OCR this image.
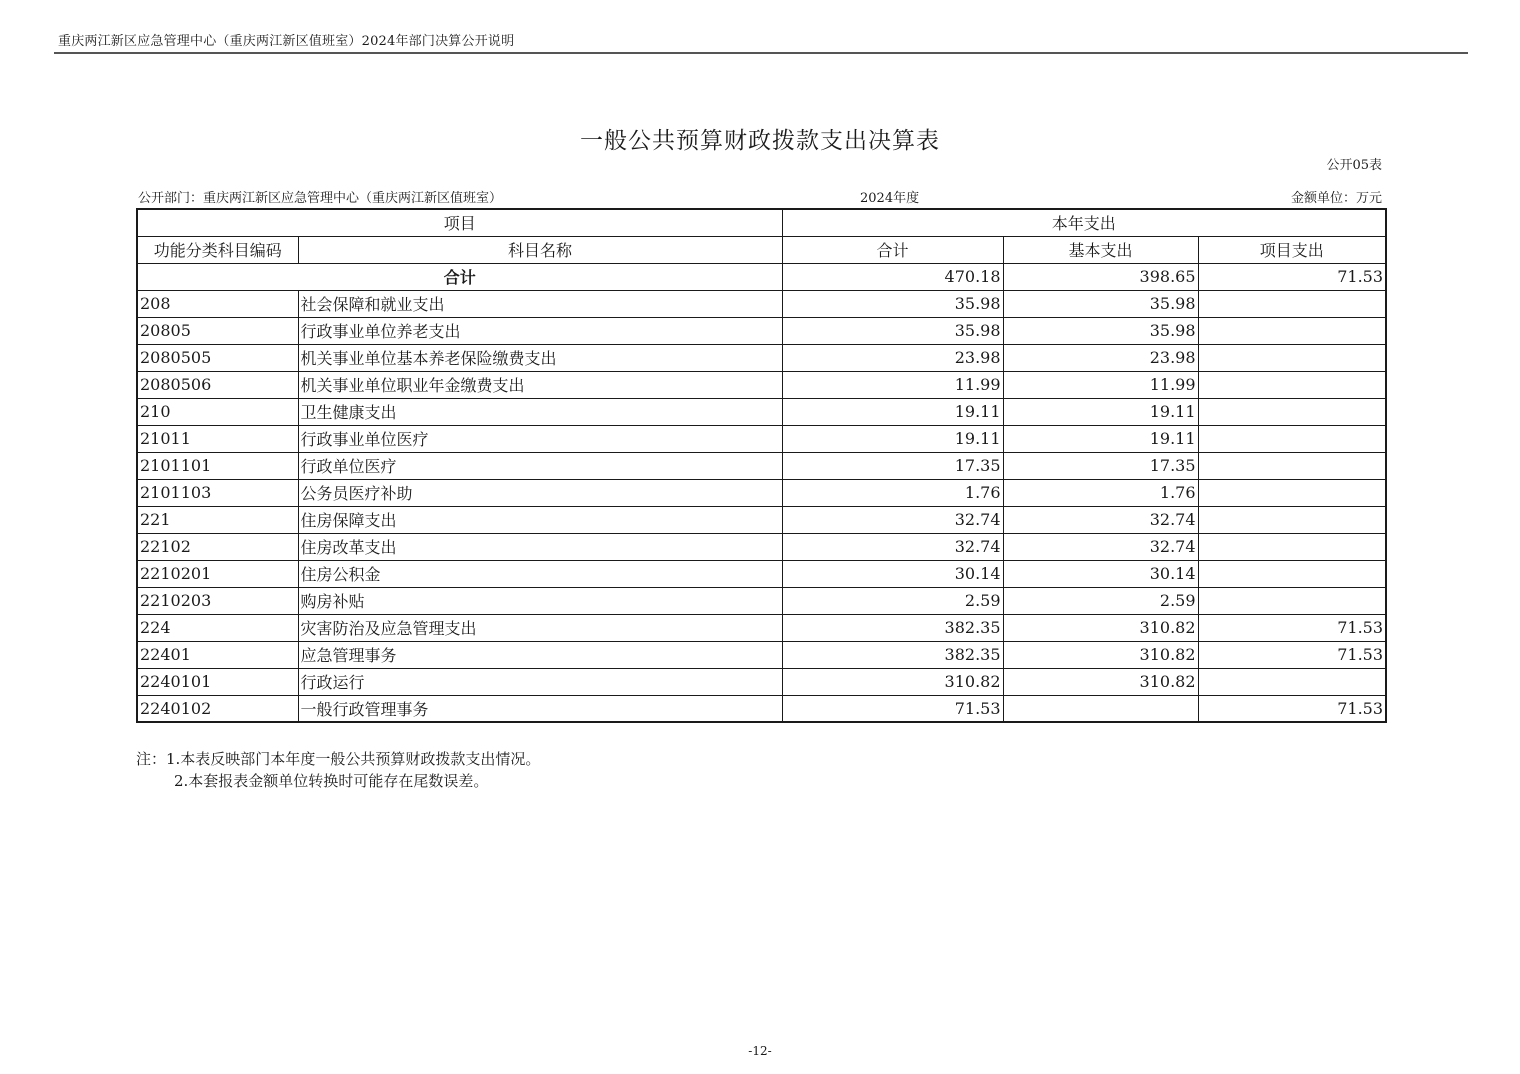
重庆两江新区应急管理中心（重庆两江新区值班室）2024年部门决算公开说明
一般公共预算财政拨款支出决算表
公开05表
公开部门：重庆两江新区应急管理中心（重庆两江新区值班室）	2024年度	金额单位：万元
项目		本年支出		
功能分类科目编码	科目名称	合计	基本支出	项目支出
合计		470.18	398.65	71.53
208	社会保障和就业支出	35.98	35.98	
20805	行政事业单位养老支出	35.98	35.98	
2080505	机关事业单位基本养老保险缴费支出	23.98	23.98	
2080506	机关事业单位职业年金缴费支出	11.99	11.99	
210	卫生健康支出	19.11	19.11	
21011	行政事业单位医疗	19.11	19.11	
2101101	行政单位医疗	17.35	17.35	
2101103	公务员医疗补助	1.76	1.76	
221	住房保障支出	32.74	32.74	
22102	住房改革支出	32.74	32.74	
2210201	住房公积金	30.14	30.14	
2210203	购房补贴	2.59	2.59	
224	灾害防治及应急管理支出	382.35	310.82	71.53
22401	应急管理事务	382.35	310.82	71.53
2240101	行政运行	310.82	310.82	
2240102	一般行政管理事务	71.53		71.53
注：1.本表反映部门本年度一般公共预算财政拨款支出情况。
2.本套报表金额单位转换时可能存在尾数误差。
-12-
